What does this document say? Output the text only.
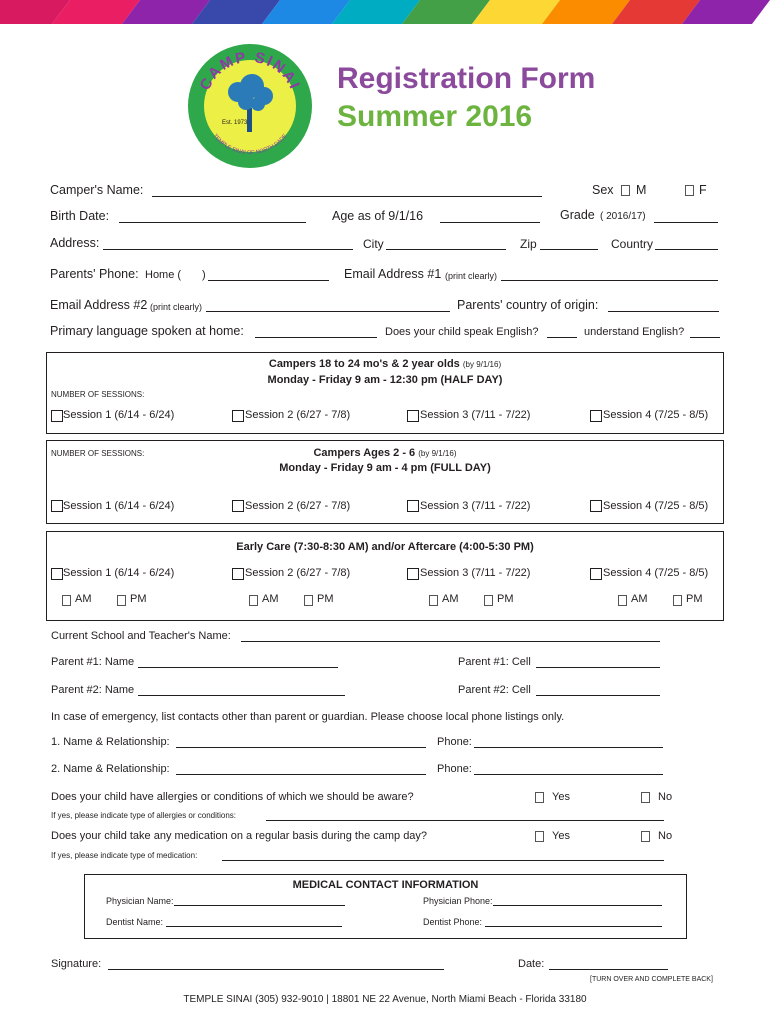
CAMP SINAI
TEMPLE SINAI OF NORTH DADE
Est. 1973
Registration Form
Summer 2016
Camper's Name:	Sex M	F
Birth Date:	Age as of 9/1/16	Grade ( 2016/17)
Address:	City	Zip	Country
Parents' Phone: Home ( )	Email Address #1 (print clearly)
Email Address #2 (print clearly)	Parents' country of origin:
Primary language spoken at home:	Does your child speak English?	understand English?
Campers 18 to 24 mo's & 2 year olds (by 9/1/16)
Monday - Friday 9 am - 12:30 pm (HALF DAY)
NUMBER OF SESSIONS:
Session 1 (6/14 - 6/24)	Session 2 (6/27 - 7/8)	Session 3 (7/11 - 7/22)	Session 4 (7/25 - 8/5)
Campers Ages 2 - 6 (by 9/1/16)
Monday - Friday 9 am - 4 pm (FULL DAY)
NUMBER OF SESSIONS:
Session 1 (6/14 - 6/24)	Session 2 (6/27 - 7/8)	Session 3 (7/11 - 7/22)	Session 4 (7/25 - 8/5)
Early Care (7:30-8:30 AM) and/or Aftercare (4:00-5:30 PM)
Session 1 (6/14 - 6/24)	Session 2 (6/27 - 7/8)	Session 3 (7/11 - 7/22)	Session 4 (7/25 - 8/5)
AM	PM	AM	PM	AM	PM	AM	PM
Current School and Teacher's Name:
Parent #1: Name	Parent #1: Cell
Parent #2: Name	Parent #2: Cell
In case of emergency, list contacts other than parent or guardian. Please choose local phone listings only.
1. Name & Relationship:	Phone:
2. Name & Relationship:	Phone:
Does your child have allergies or conditions of which we should be aware?	Yes	No
If yes, please indicate type of allergies or conditions:
Does your child take any medication on a regular basis during the camp day?	Yes	No
If yes, please indicate type of medication:
MEDICAL CONTACT INFORMATION
Physician Name:	Physician Phone:
Dentist Name:	Dentist Phone:
Signature:	Date:
[TURN OVER AND COMPLETE BACK]
TEMPLE SINAI (305) 932-9010 | 18801 NE 22 Avenue, North Miami Beach - Florida 33180
